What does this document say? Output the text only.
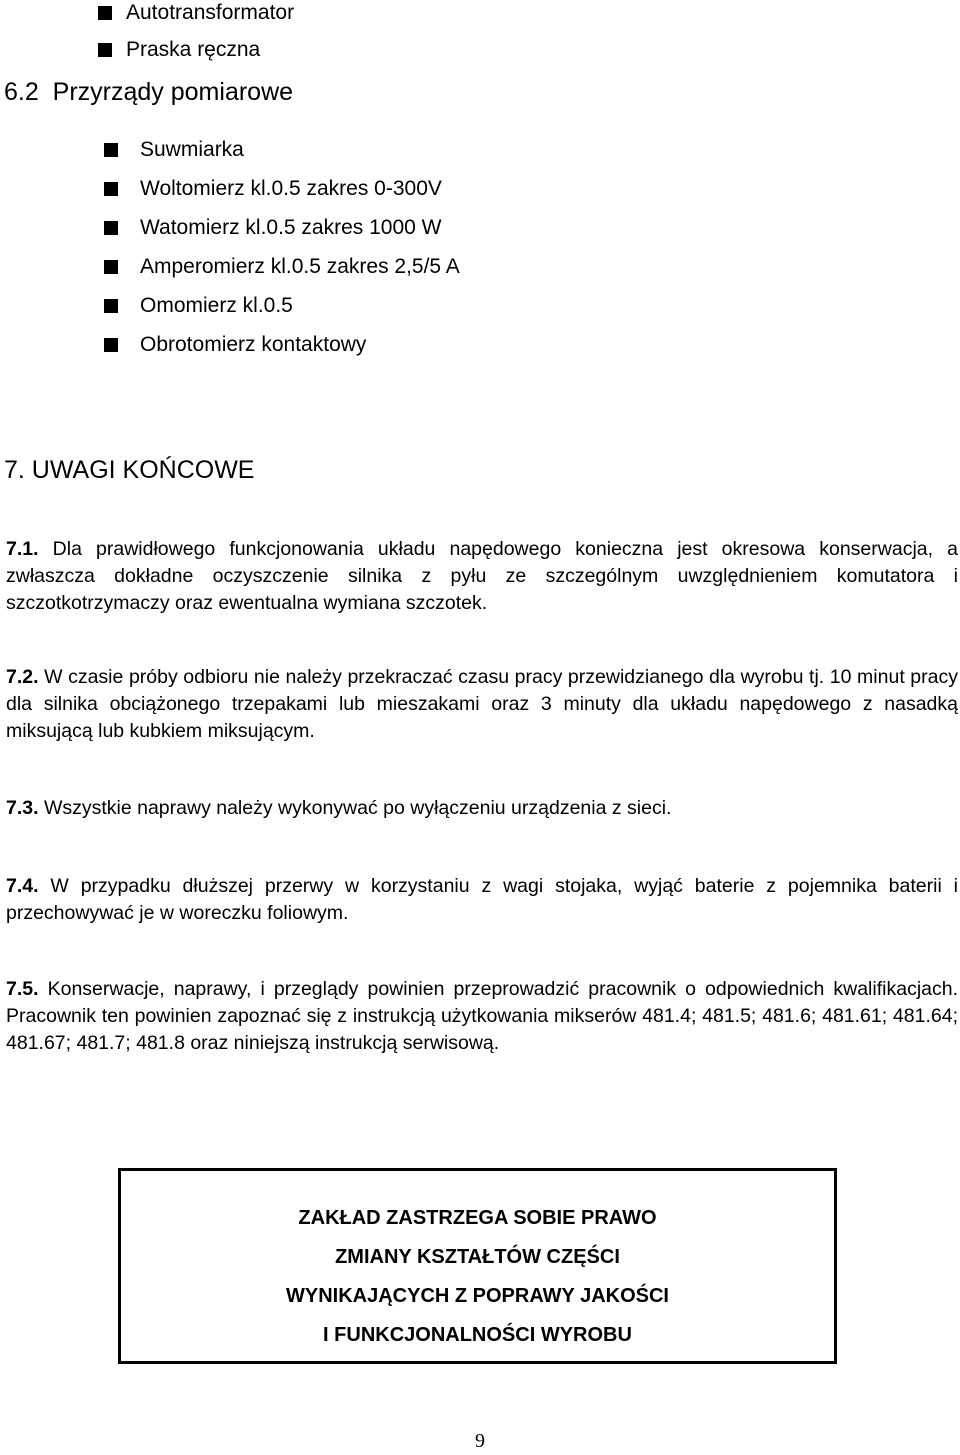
Autotransformator
Praska ręczna
6.2 Przyrządy pomiarowe
Suwmiarka
Woltomierz kl.0.5 zakres 0-300V
Watomierz kl.0.5 zakres 1000 W
Amperomierz kl.0.5 zakres 2,5/5 A
Omomierz kl.0.5
Obrotomierz kontaktowy
7. UWAGI KOŃCOWE

7.1. Dla prawidłowego funkcjonowania układu napędowego konieczna jest okresowa konserwacja, a zwłaszcza dokładne oczyszczenie silnika z pyłu ze szczególnym uwzględnieniem komutatora i szczotkotrzymaczy oraz ewentualna wymiana szczotek.

7.2. W czasie próby odbioru nie należy przekraczać czasu pracy przewidzianego dla wyrobu tj. 10 minut pracy dla silnika obciążonego trzepakami lub mieszakami oraz 3 minuty dla układu napędowego z nasadką miksującą lub kubkiem miksującym.

7.3. Wszystkie naprawy należy wykonywać po wyłączeniu urządzenia z sieci.

7.4. W przypadku dłuższej przerwy w korzystaniu z wagi stojaka, wyjąć baterie z pojemnika baterii i przechowywać je w woreczku foliowym.

7.5. Konserwacje, naprawy, i przeglądy powinien przeprowadzić pracownik o odpowiednich kwalifikacjach. Pracownik ten powinien zapoznać się z instrukcją użytkowania mikserów 481.4; 481.5; 481.6; 481.61; 481.64; 481.67; 481.7; 481.8 oraz niniejszą instrukcją serwisową.

ZAKŁAD ZASTRZEGA SOBIE PRAWO
ZMIANY KSZTAŁTÓW CZĘŚCI
WYNIKAJĄCYCH Z POPRAWY JAKOŚCI
I FUNKCJONALNOŚCI WYROBU
9
